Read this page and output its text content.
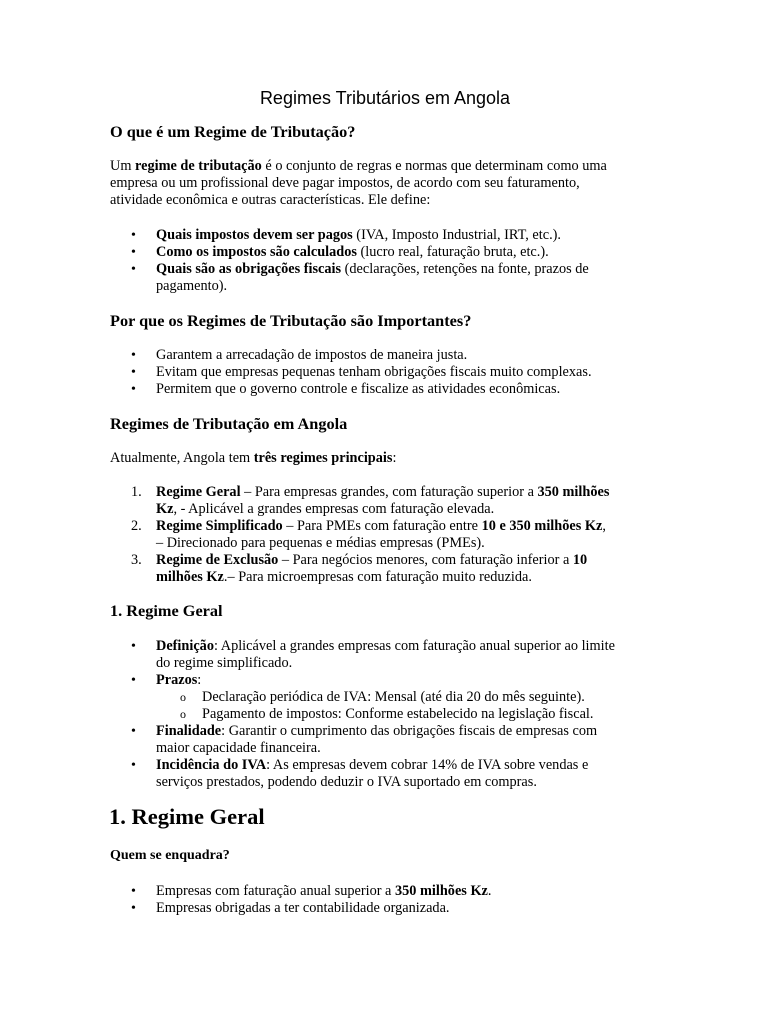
Regimes Tributários em Angola
O que é um Regime de Tributação?
Um regime de tributação é o conjunto de regras e normas que determinam como uma
empresa ou um profissional deve pagar impostos, de acordo com seu faturamento,
atividade econômica e outras características. Ele define:
• Quais impostos devem ser pagos (IVA, Imposto Industrial, IRT, etc.).
• Como os impostos são calculados (lucro real, faturação bruta, etc.).
• Quais são as obrigações fiscais (declarações, retenções na fonte, prazos de
pagamento).
Por que os Regimes de Tributação são Importantes?
• Garantem a arrecadação de impostos de maneira justa.
• Evitam que empresas pequenas tenham obrigações fiscais muito complexas.
• Permitem que o governo controle e fiscalize as atividades econômicas.
Regimes de Tributação em Angola
Atualmente, Angola tem três regimes principais:
1. Regime Geral – Para empresas grandes, com faturação superior a 350 milhões
Kz, - Aplicável a grandes empresas com faturação elevada.
2. Regime Simplificado – Para PMEs com faturação entre 10 e 350 milhões Kz,
– Direcionado para pequenas e médias empresas (PMEs).
3. Regime de Exclusão – Para negócios menores, com faturação inferior a 10
milhões Kz.– Para microempresas com faturação muito reduzida.
1. Regime Geral
• Definição: Aplicável a grandes empresas com faturação anual superior ao limite
do regime simplificado.
• Prazos:
o Declaração periódica de IVA: Mensal (até dia 20 do mês seguinte).
o Pagamento de impostos: Conforme estabelecido na legislação fiscal.
• Finalidade: Garantir o cumprimento das obrigações fiscais de empresas com
maior capacidade financeira.
• Incidência do IVA: As empresas devem cobrar 14% de IVA sobre vendas e
serviços prestados, podendo deduzir o IVA suportado em compras.
1. Regime Geral
Quem se enquadra?
• Empresas com faturação anual superior a 350 milhões Kz.
• Empresas obrigadas a ter contabilidade organizada.
